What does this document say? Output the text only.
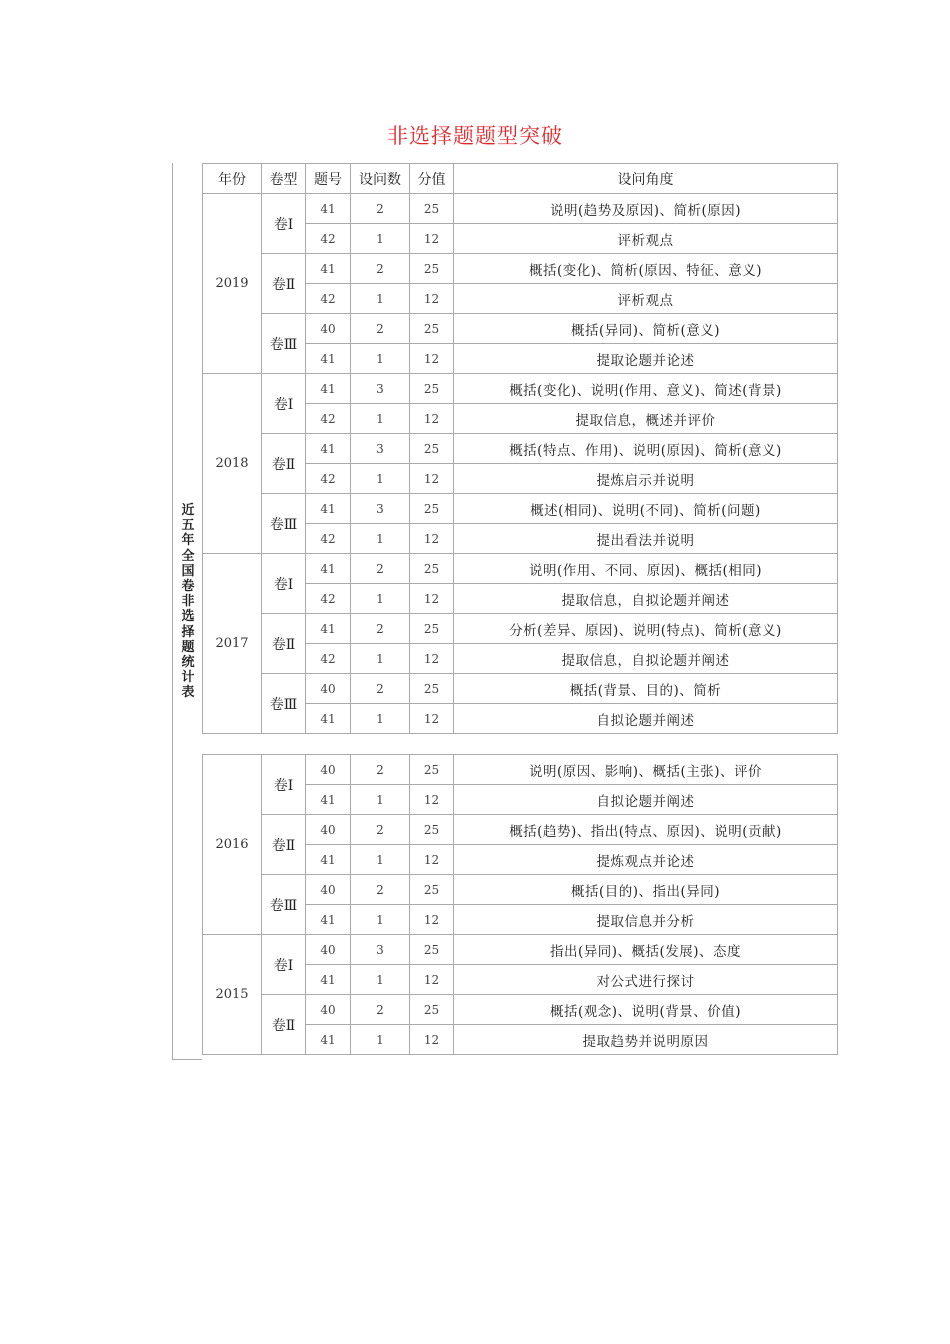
非选择题题型突破
近
五
年
全
国
卷
非
选
择
题
统
计
表
年份	卷型	题号	设问数	分值	设问角度
2019	卷Ⅰ	41	2	25	说明(趋势及原因)、简析(原因)
		42	1	12	评析观点
	卷Ⅱ	41	2	25	概括(变化)、简析(原因、特征、意义)
		42	1	12	评析观点
	卷Ⅲ	40	2	25	概括(异同)、简析(意义)
		41	1	12	提取论题并论述
2018	卷Ⅰ	41	3	25	概括(变化)、说明(作用、意义)、简述(背景)
		42	1	12	提取信息，概述并评价
	卷Ⅱ	41	3	25	概括(特点、作用)、说明(原因)、简析(意义)
		42	1	12	提炼启示并说明
	卷Ⅲ	41	3	25	概述(相同)、说明(不同)、简析(问题)
		42	1	12	提出看法并说明
2017	卷Ⅰ	41	2	25	说明(作用、不同、原因)、概括(相同)
		42	1	12	提取信息，自拟论题并阐述
	卷Ⅱ	41	2	25	分析(差异、原因)、说明(特点)、简析(意义)
		42	1	12	提取信息，自拟论题并阐述
	卷Ⅲ	40	2	25	概括(背景、目的)、简析
		41	1	12	自拟论题并阐述
2016	卷Ⅰ	40	2	25	说明(原因、影响)、概括(主张)、评价
		41	1	12	自拟论题并阐述
	卷Ⅱ	40	2	25	概括(趋势)、指出(特点、原因)、说明(贡献)
		41	1	12	提炼观点并论述
	卷Ⅲ	40	2	25	概括(目的)、指出(异同)
		41	1	12	提取信息并分析
2015	卷Ⅰ	40	3	25	指出(异同)、概括(发展)、态度
		41	1	12	对公式进行探讨
	卷Ⅱ	40	2	25	概括(观念)、说明(背景、价值)
		41	1	12	提取趋势并说明原因
